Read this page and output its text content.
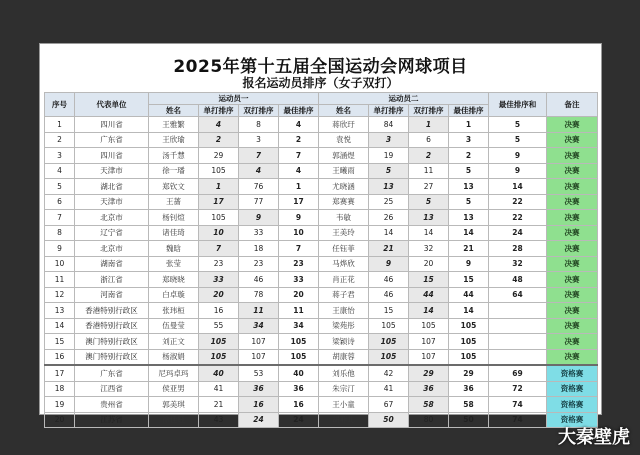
2025年第十五届全国运动会网球项目
报名运动员排序（女子双打）
序号	代表单位	运动员一				运动员二				最佳排序和	备注
		姓名	单打排序	双打排序	最佳排序	姓名	单打排序	双打排序	最佳排序		
1	四川省	王雅繁	4	8	4	蒋欣玗	84	1	1	5	决赛
2	广东省	王欣瑜	2	3	2	袁悦	3	6	3	5	决赛
3	四川省	汤千慧	29	7	7	郭涵煜	19	2	2	9	决赛
4	天津市	徐一璠	105	4	4	王曦雨	5	11	5	9	决赛
5	湖北省	郑钦文	1	76	1	尤晓涵	13	27	13	14	决赛
6	天津市	王蔷	17	77	17	郑赛赛	25	5	5	22	决赛
7	北京市	杨钊煊	105	9	9	韦敏	26	13	13	22	决赛
8	辽宁省	诸佳琦	10	33	10	王美玲	14	14	14	24	决赛
9	北京市	魏晗	7	18	7	任钰菲	21	32	21	28	决赛
10	湖南省	张莹	23	23	23	马烨欣	9	20	9	32	决赛
11	浙江省	郑晓晓	33	46	33	肖正花	46	15	15	48	决赛
12	河南省	白卓璇	20	78	20	蒋子君	46	44	44	64	决赛
13	香港特别行政区	张玮桓	16	11	11	王康怡	15	14	14		决赛
14	香港特别行政区	伍曼莹	55	34	34	梁苑彤	105	105	105		决赛
15	澳门特别行政区	刘正文	105	107	105	梁颖诗	105	107	105		决赛
16	澳门特别行政区	杨淑娟	105	107	105	胡康蓉	105	107	105		决赛
17	广东省	尼玛卓玛	40	53	40	刘乐他	42	29	29	69	资格赛
18	江西省	侯亚男	41	36	36	朱宗汀	41	36	36	72	资格赛
19	贵州省	郭美琪	21	16	16	王小童	67	58	58	74	资格赛
20	江苏省	徐佳钰	43	24	24	胡菲儿	50	80	50	74	资格赛
大秦壁虎
